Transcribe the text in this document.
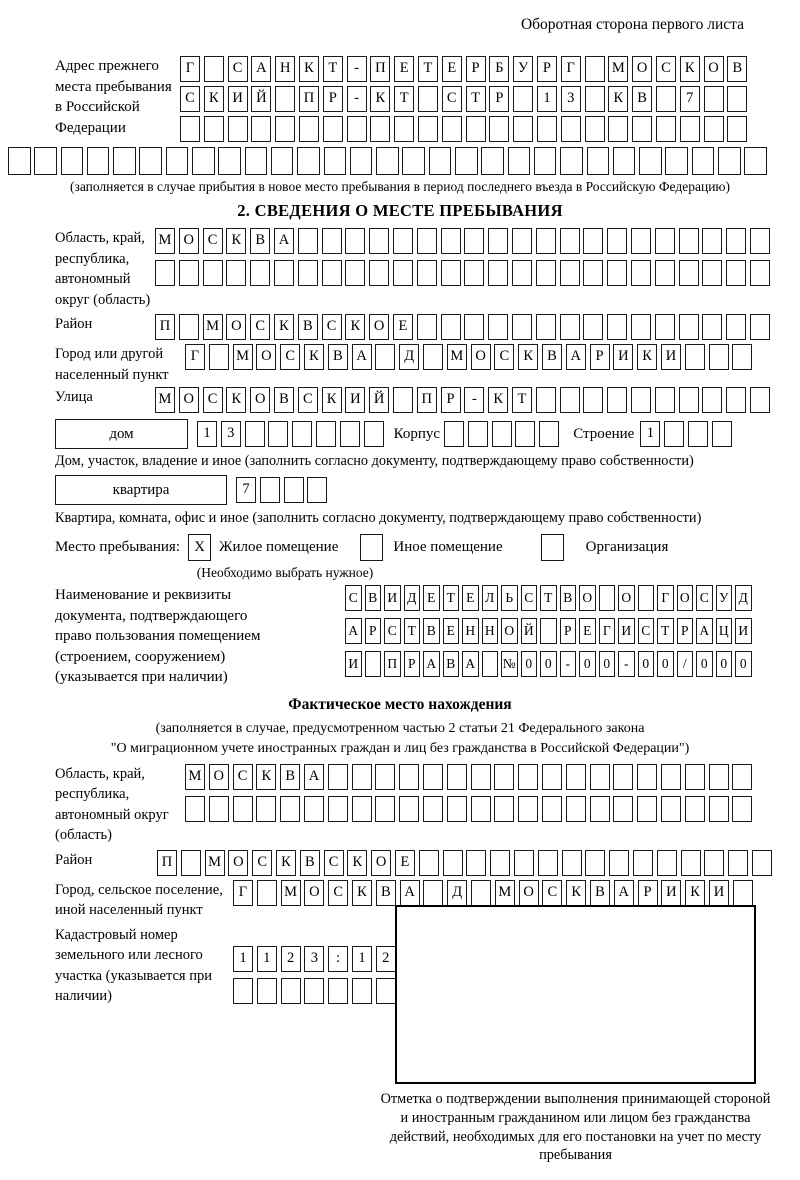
Оборотная сторона первого листа
Адрес прежнего места пребывания в Российской Федерации
Г	С А Н К	Т	-	П Е	Т	Е	Р	Б	У	Р	Г	М О С К О В
С К И Й	П	Р	-	К	Т	С	Т	Р	1	3	К В	7
(заполняется в случае прибытия в новое место пребывания в период последнего въезда в Российскую Федерацию)
2. СВЕДЕНИЯ О МЕСТЕ ПРЕБЫВАНИЯ
Область, край, республика, автономный округ (область)
М О С К В А
Район	П	М О С К В С К О Е
Город или другой населенный пункт
Г	М О С К В А	Д	М О С К В А	Р	И К И
Улица	М О С К О В С К И Й	П	Р	-	К	Т
дом	1	3	Корпус	Строение 1
Дом, участок, владение и иное (заполнить согласно документу, подтверждающему право собственности)
квартира	7
Квартира, комната, офис и иное (заполнить согласно документу, подтверждающему право собственности)
Место пребывания: X Жилое помещение	Иное помещение	Организация
(Необходимо выбрать нужное)
Наименование и реквизиты документа, подтверждающего право пользования помещением (строением, сооружением) (указывается при наличии)
С В И Д Е Т Е Л Ь С Т В О О	Г О С У Д
А Р С Т В Е Н Н О Й	Р Е Г И С Т Р А Ц И
И П Р А В А № 0 0	-	0 0	-	0 0	/	0 0 0
Фактическое место нахождения
(заполняется в случае, предусмотренном частью 2 статьи 21 Федерального закона
"О миграционном учете иностранных граждан и лиц без гражданства в Российской Федерации")
Область, край, республика, автономный округ (область)
М О С К В А
Район	П	М О С К В С К О Е
Город, сельское поселение, иной населенный пункт
Г	М О С К В А	Д	М О С К В А	Р	И К И
Кадастровый номер земельного или лесного участка (указывается при наличии)
1	1	2	3	:	1	2
Отметка о подтверждении выполнения принимающей стороной и иностранным гражданином или лицом без гражданства действий, необходимых для его постановки на учет по месту пребывания
